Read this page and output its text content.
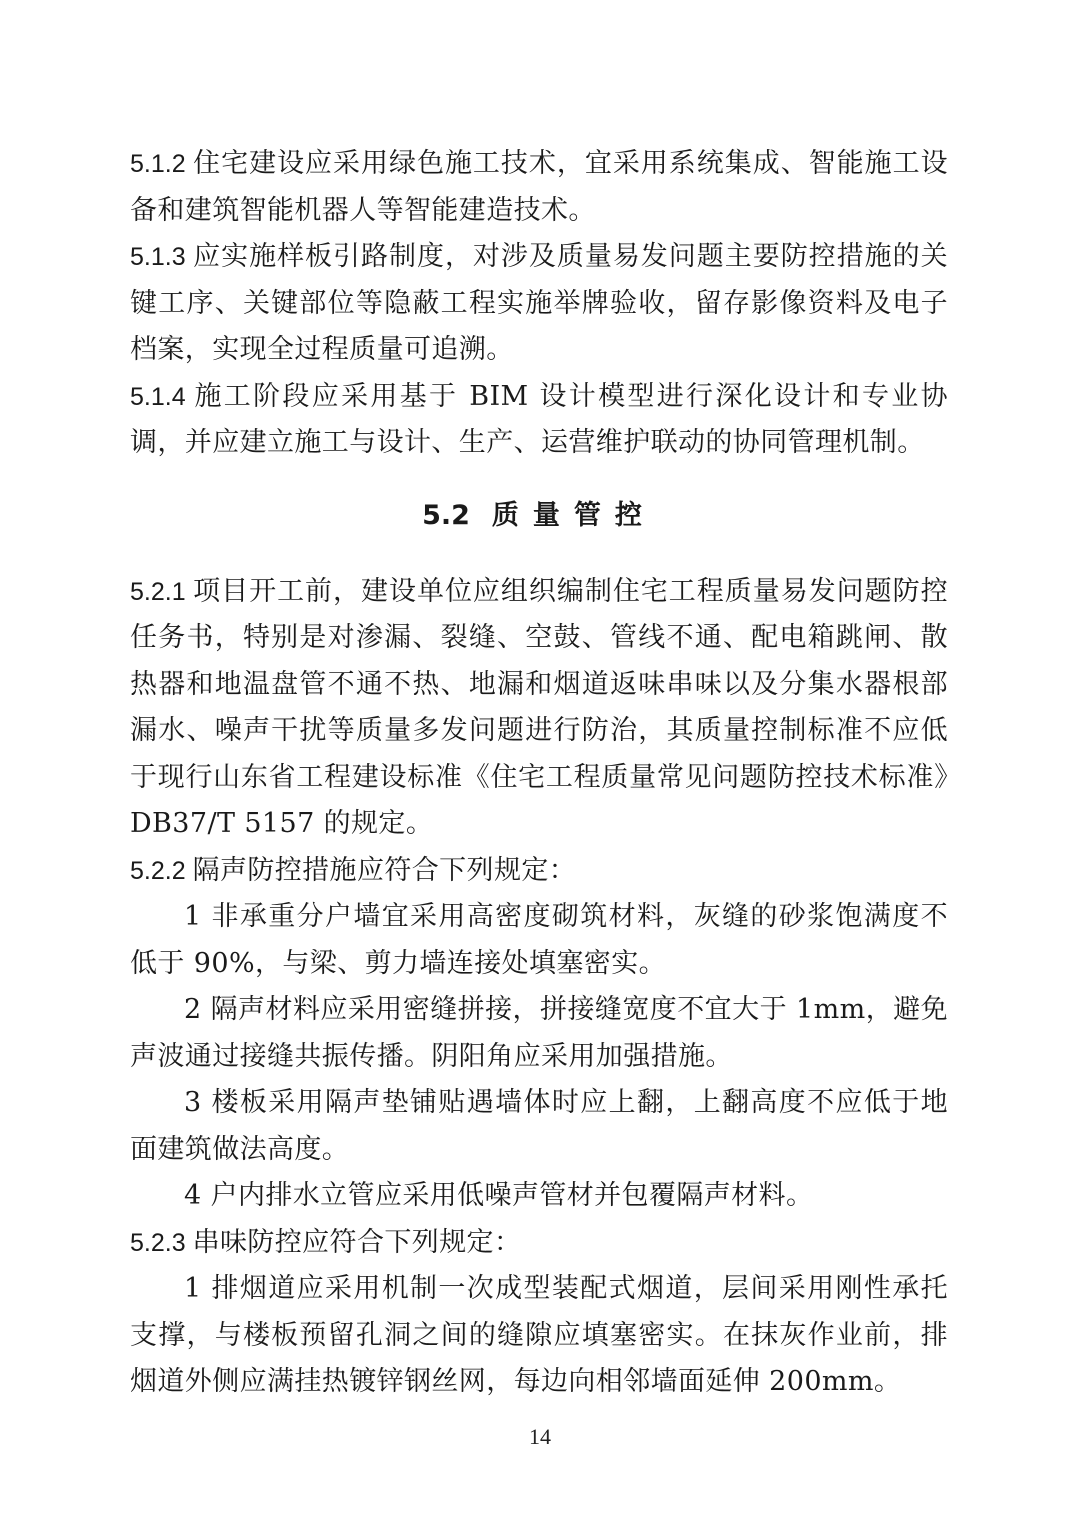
5.1.2 住宅建设应采用绿色施工技术，宜采用系统集成、智能施工设备和建筑智能机器人等智能建造技术。

5.1.3 应实施样板引路制度，对涉及质量易发问题主要防控措施的关键工序、关键部位等隐蔽工程实施举牌验收，留存影像资料及电子档案，实现全过程质量可追溯。

5.1.4 施工阶段应采用基于 BIM 设计模型进行深化设计和专业协调，并应建立施工与设计、生产、运营维护联动的协同管理机制。

5.2 质量管控

5.2.1 项目开工前，建设单位应组织编制住宅工程质量易发问题防控任务书，特别是对渗漏、裂缝、空鼓、管线不通、配电箱跳闸、散热器和地温盘管不通不热、地漏和烟道返味串味以及分集水器根部漏水、噪声干扰等质量多发问题进行防治，其质量控制标准不应低于现行山东省工程建设标准《住宅工程质量常见问题防控技术标准》DB37/T 5157 的规定。

5.2.2 隔声防控措施应符合下列规定：

1 非承重分户墙宜采用高密度砌筑材料，灰缝的砂浆饱满度不低于 90%，与梁、剪力墙连接处填塞密实。

2 隔声材料应采用密缝拼接，拼接缝宽度不宜大于 1mm，避免声波通过接缝共振传播。阴阳角应采用加强措施。

3 楼板采用隔声垫铺贴遇墙体时应上翻，上翻高度不应低于地面建筑做法高度。

4 户内排水立管应采用低噪声管材并包覆隔声材料。

5.2.3 串味防控应符合下列规定：

1 排烟道应采用机制一次成型装配式烟道，层间采用刚性承托支撑，与楼板预留孔洞之间的缝隙应填塞密实。在抹灰作业前，排烟道外侧应满挂热镀锌钢丝网，每边向相邻墙面延伸 200mm。

14
